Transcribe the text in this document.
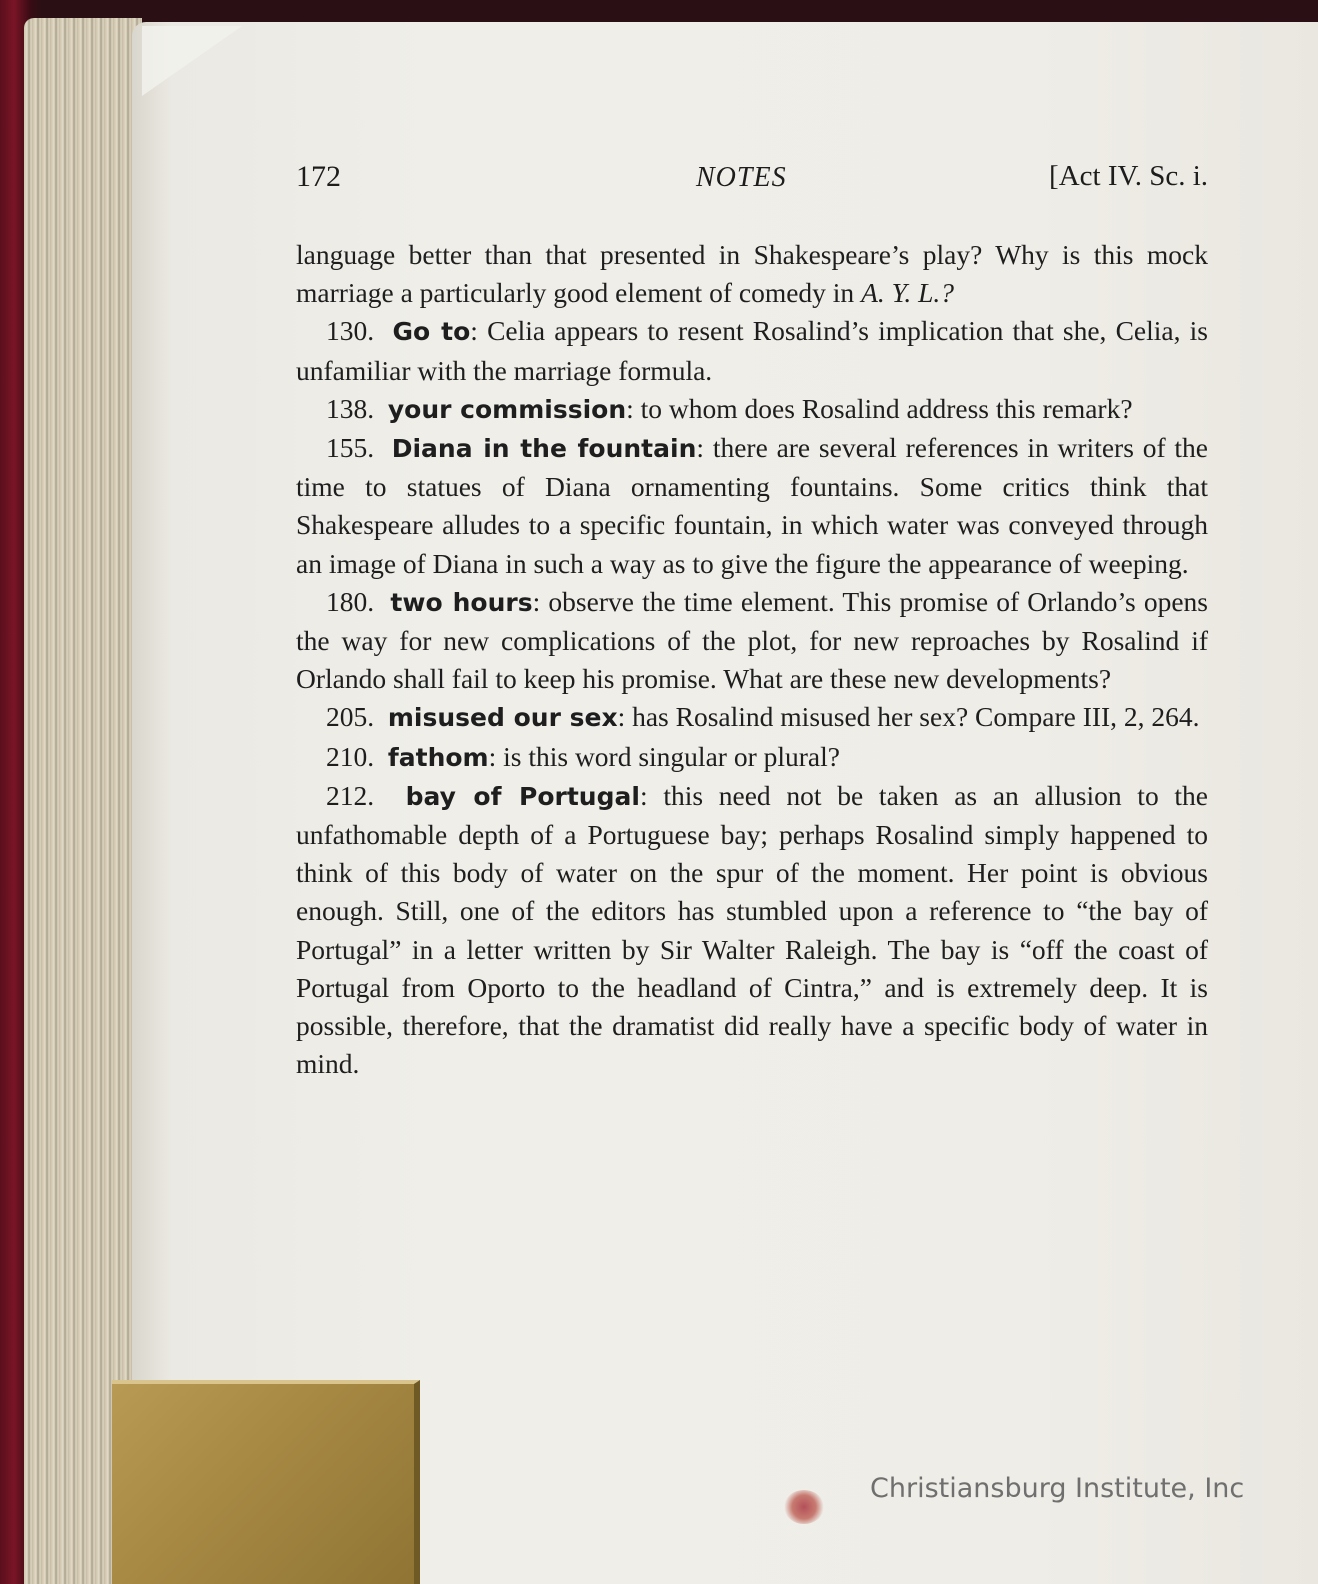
172	NOTES	[Act IV. Sc. i.

language better than that presented in Shakespeare’s play? Why is this mock marriage a particularly good element of comedy in A. Y. L.?

130. Go to: Celia appears to resent Rosalind’s implication that she, Celia, is unfamiliar with the marriage formula.

138. your commission: to whom does Rosalind address this remark?

155. Diana in the fountain: there are several references in writers of the time to statues of Diana ornamenting fountains. Some critics think that Shakespeare alludes to a specific fountain, in which water was conveyed through an image of Diana in such a way as to give the figure the appearance of weeping.

180. two hours: observe the time element. This promise of Orlando’s opens the way for new complications of the plot, for new reproaches by Rosalind if Orlando shall fail to keep his promise. What are these new developments?

205. misused our sex: has Rosalind misused her sex? Compare III, 2, 264.

210. fathom: is this word singular or plural?

212. bay of Portugal: this need not be taken as an allusion to the unfathomable depth of a Portuguese bay; perhaps Rosalind simply happened to think of this body of water on the spur of the moment. Her point is obvious enough. Still, one of the editors has stumbled upon a reference to “the bay of Portugal” in a letter written by Sir Walter Raleigh. The bay is “off the coast of Portugal from Oporto to the headland of Cintra,” and is extremely deep. It is possible, therefore, that the dramatist did really have a specific body of water in mind.

Christiansburg Institute, Inc
